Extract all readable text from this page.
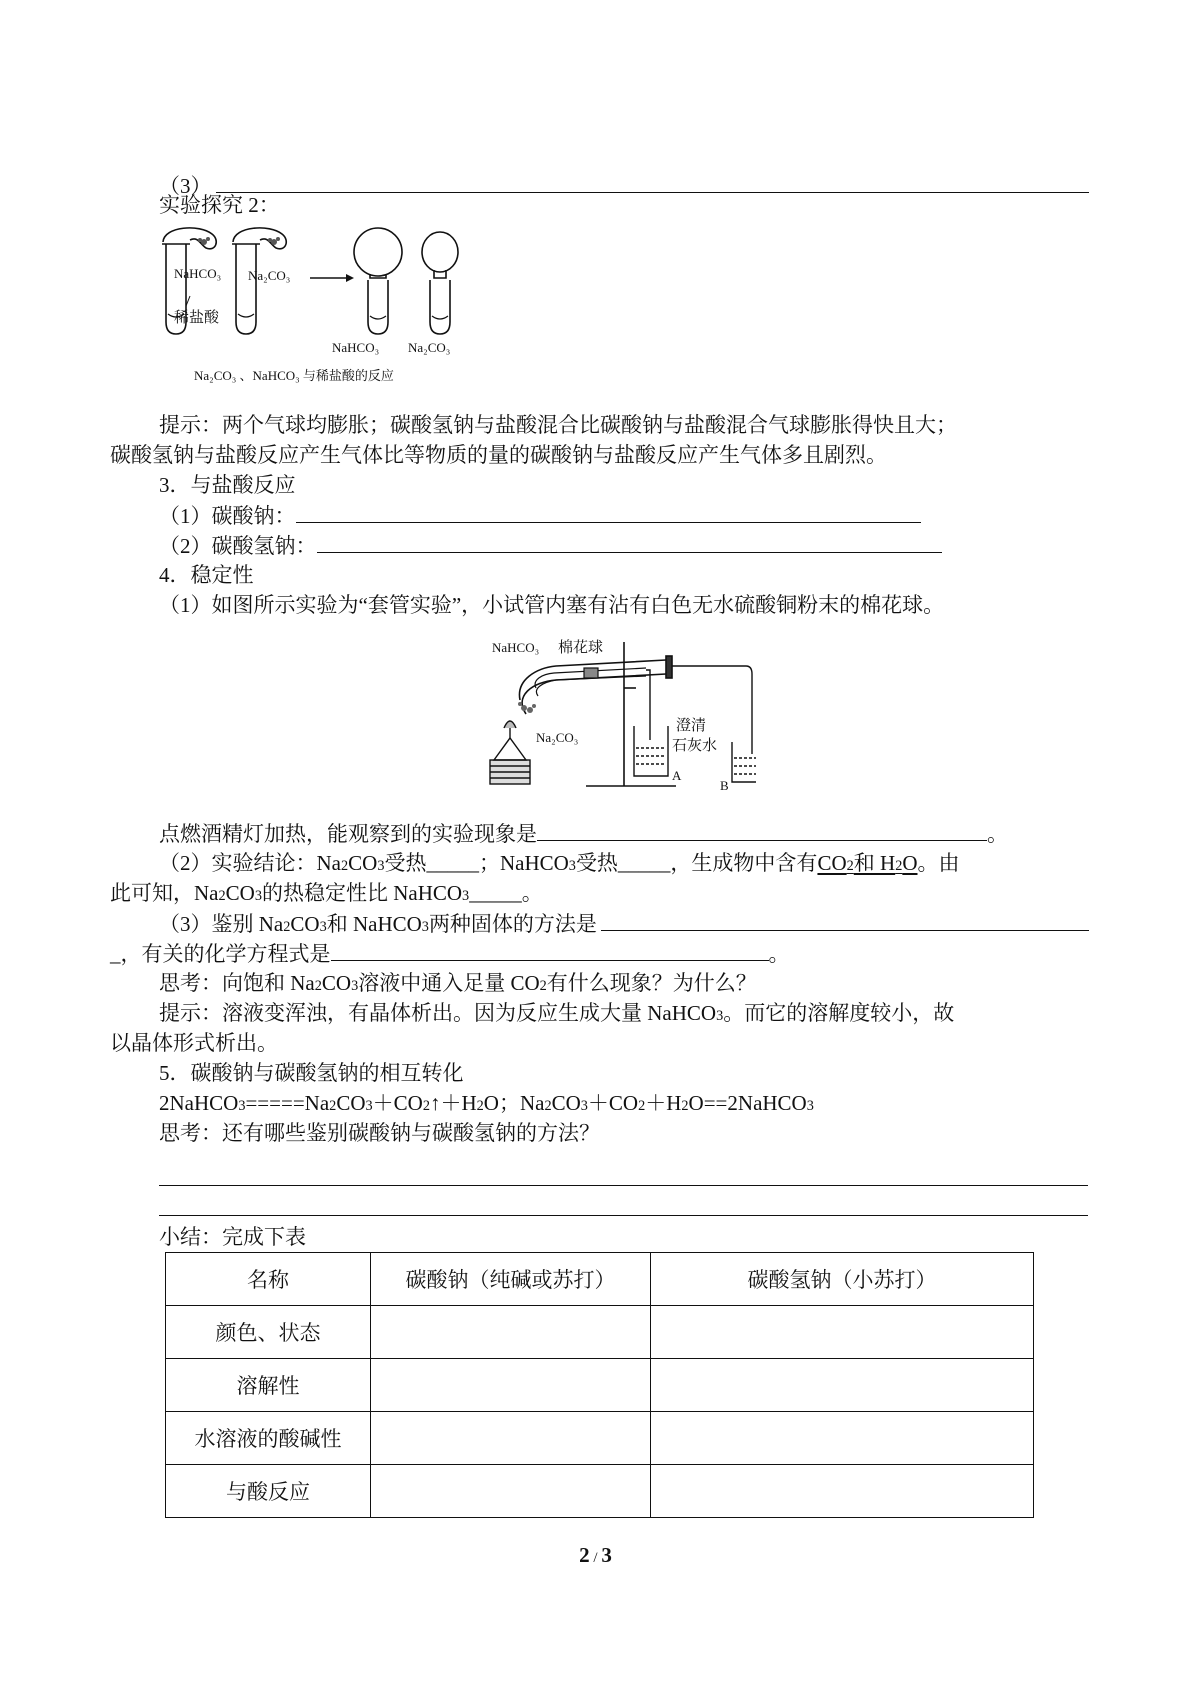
（3）
实验探究 2：
NaHCO₃ Na₂CO₃
稀盐酸
NaHCO₃ Na₂CO₃
Na₂CO₃ 、NaHCO₃ 与稀盐酸的反应
提示：两个气球均膨胀；碳酸氢钠与盐酸混合比碳酸钠与盐酸混合气球膨胀得快且大；
碳酸氢钠与盐酸反应产生气体比等物质的量的碳酸钠与盐酸反应产生气体多且剧烈。
3．与盐酸反应
（1）碳酸钠：
（2）碳酸氢钠：
4．稳定性
（1）如图所示实验为“套管实验”，小试管内塞有沾有白色无水硫酸铜粉末的棉花球。
NaHCO₃ 棉花球
Na₂CO₃
澄清
石灰水
A
B
点燃酒精灯加热，能观察到的实验现象是	。
（2）实验结论：Na 2 CO 3 受热_____；NaHCO 3 受热_____，生成物中含有 CO 2 和 H 2 O 。由
此可知，Na 2 CO 3 的热稳定性比 NaHCO 3 _____。
（3）鉴别 Na 2 CO 3 和 NaHCO 3 两种固体的方法是
_，有关的化学方程式是	。
思考：向饱和 Na 2 CO 3 溶液中通入足量 CO 2 有什么现象？为什么？
提示：溶液变浑浊，有晶体析出。因为反应生成大量 NaHCO 3 。而它的溶解度较小，故
以晶体形式析出。
5．碳酸钠与碳酸氢钠的相互转化
2NaHCO 3 =====Na 2 CO 3 ＋CO 2 ↑＋H 2 O；Na 2 CO 3 ＋CO 2 ＋H 2 O==2NaHCO 3
思考：还有哪些鉴别碳酸钠与碳酸氢钠的方法？
小结：完成下表
名称	碳酸钠（纯碱或苏打）	碳酸氢钠（小苏打）
颜色、状态		
溶解性		
水溶液的酸碱性		
与酸反应		
2 / 3
